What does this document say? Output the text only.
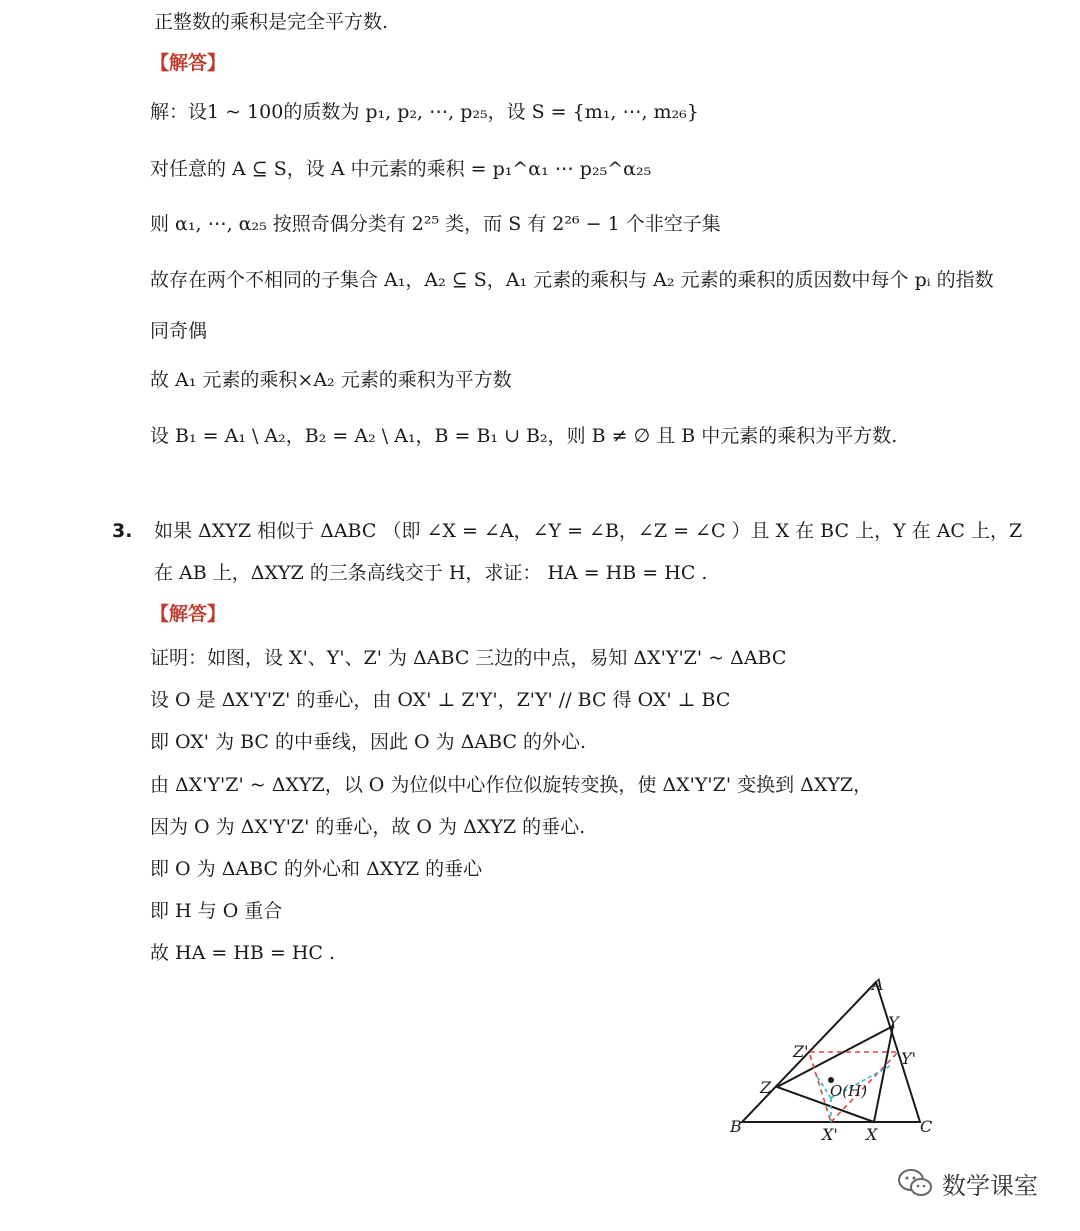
正整数的乘积是完全平方数.
【解答】
解：设1 ~ 100的质数为 p₁, p₂, ⋯, p₂₅，设 S = {m₁, ⋯, m₂₆}
对任意的 A ⊆ S，设 A 中元素的乘积 = p₁^α₁ ⋯ p₂₅^α₂₅
则 α₁, ⋯, α₂₅ 按照奇偶分类有 2²⁵ 类，而 S 有 2²⁶ − 1 个非空子集
故存在两个不相同的子集合 A₁，A₂ ⊆ S，A₁ 元素的乘积与 A₂ 元素的乘积的质因数中每个 pᵢ 的指数
同奇偶
故 A₁ 元素的乘积×A₂ 元素的乘积为平方数
设 B₁ = A₁ \ A₂，B₂ = A₂ \ A₁，B = B₁ ∪ B₂，则 B ≠ ∅ 且 B 中元素的乘积为平方数.
3. 如果 ΔXYZ 相似于 ΔABC （即 ∠X = ∠A，∠Y = ∠B，∠Z = ∠C ）且 X 在 BC 上，Y 在 AC 上，Z
在 AB 上，ΔXYZ 的三条高线交于 H，求证： HA = HB = HC .
【解答】
证明：如图，设 X'、Y'、Z' 为 ΔABC 三边的中点，易知 ΔX'Y'Z' ~ ΔABC
设 O 是 ΔX'Y'Z' 的垂心，由 OX' ⊥ Z'Y'，Z'Y' // BC 得 OX' ⊥ BC
即 OX' 为 BC 的中垂线，因此 O 为 ΔABC 的外心.
由 ΔX'Y'Z' ~ ΔXYZ，以 O 为位似中心作位似旋转变换，使 ΔX'Y'Z' 变换到 ΔXYZ，
因为 O 为 ΔX'Y'Z' 的垂心，故 O 为 ΔXYZ 的垂心.
即 O 为 ΔABC 的外心和 ΔXYZ 的垂心
即 H 与 O 重合
故 HA = HB = HC .
A
B	C
X
Y
Z
X'
Y'
Z'
O(H)
数学课室
